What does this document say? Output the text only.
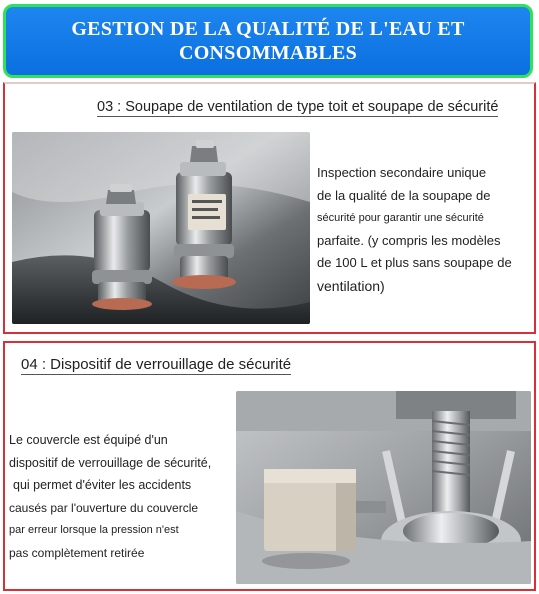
GESTION DE LA QUALITÉ DE L'EAU ET CONSOMMABLES
03 : Soupape de ventilation de type toit et soupape de sécurité
Inspection secondaire unique
de la qualité de la soupape de
sécurité pour garantir une sécurité
parfaite. (y compris les modèles
de 100 L et plus sans soupape de
ventilation)
04 : Dispositif de verrouillage de sécurité
Le couvercle est équipé d'un
dispositif de verrouillage de sécurité,
qui permet d'éviter les accidents
causés par l'ouverture du couvercle
par erreur lorsque la pression n'est
pas complètement retirée
